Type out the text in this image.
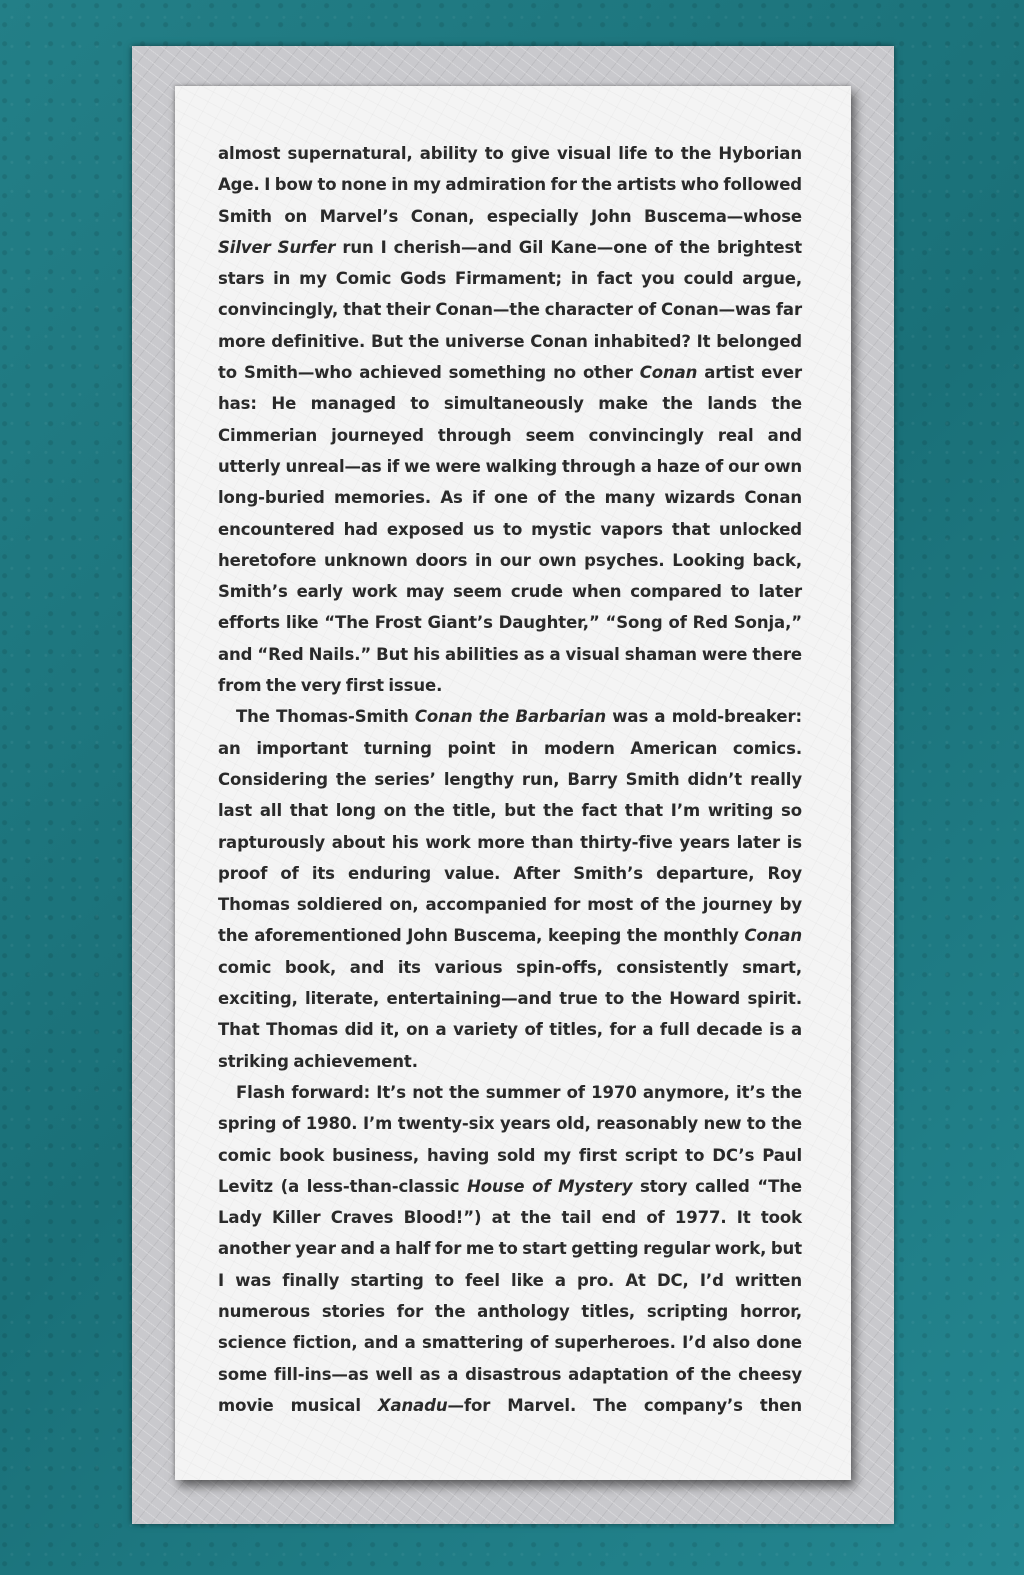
almost supernatural, ability to give visual life to the Hyborian Age. I bow to none in my admiration for the artists who followed Smith on Marvel’s Conan, especially John Buscema—whose Silver Surfer run I cherish—and Gil Kane—one of the brightest stars in my Comic Gods Firmament; in fact you could argue, convincingly, that their Conan—the character of Conan—was far more definitive. But the universe Conan inhabited? It belonged to Smith—who achieved something no other Conan artist ever has: He managed to simultaneously make the lands the Cimmerian journeyed through seem convincingly real and utterly unreal—as if we were walking through a haze of our own long-buried memories. As if one of the many wizards Conan encountered had exposed us to mystic vapors that unlocked heretofore unknown doors in our own psyches. Looking back, Smith’s early work may seem crude when compared to later efforts like “The Frost Giant’s Daughter,” “Song of Red Sonja,” and “Red Nails.” But his abilities as a visual shaman were there from the very first issue.

The Thomas-Smith Conan the Barbarian was a mold-breaker: an important turning point in modern American comics. Considering the series’ lengthy run, Barry Smith didn’t really last all that long on the title, but the fact that I’m writing so rapturously about his work more than thirty-five years later is proof of its enduring value. After Smith’s departure, Roy Thomas soldiered on, accompanied for most of the journey by the aforementioned John Buscema, keeping the monthly Conan comic book, and its various spin-offs, consistently smart, exciting, literate, entertaining—and true to the Howard spirit. That Thomas did it, on a variety of titles, for a full decade is a striking achievement.

Flash forward: It’s not the summer of 1970 anymore, it’s the spring of 1980. I’m twenty-six years old, reasonably new to the comic book business, having sold my first script to DC’s Paul Levitz (a less-than-classic House of Mystery story called “The Lady Killer Craves Blood!”) at the tail end of 1977. It took another year and a half for me to start getting regular work, but I was finally starting to feel like a pro. At DC, I’d written numerous stories for the anthology titles, scripting horror, science fiction, and a smattering of superheroes. I’d also done some fill-ins—as well as a disastrous adaptation of the cheesy movie musical Xanadu—for Marvel. The company’s then
